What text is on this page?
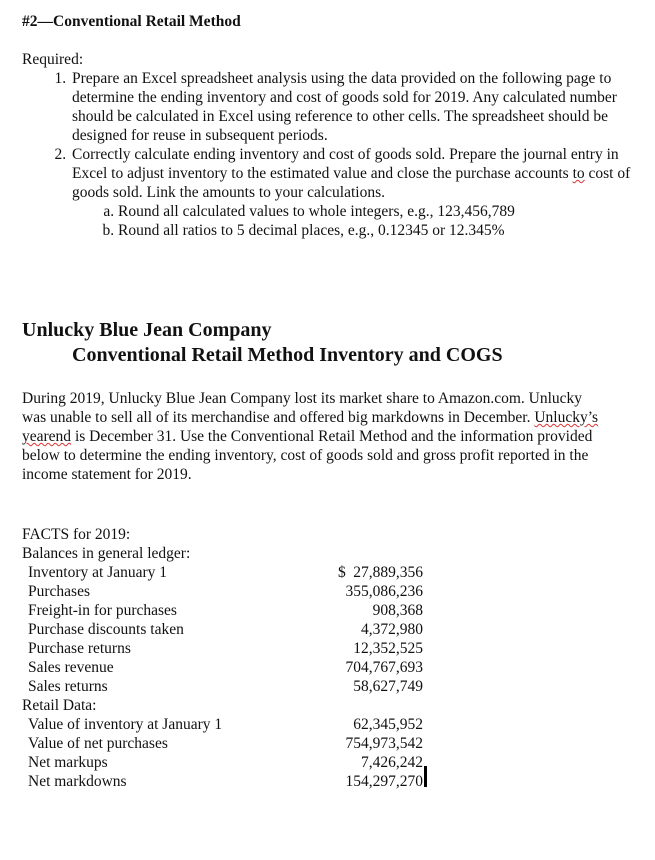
#2—Conventional Retail Method
Required:
1. Prepare an Excel spreadsheet analysis using the data provided on the following page to determine the ending inventory and cost of goods sold for 2019. Any calculated number should be calculated in Excel using reference to other cells. The spreadsheet should be designed for reuse in subsequent periods.
2. Correctly calculate ending inventory and cost of goods sold. Prepare the journal entry in Excel to adjust inventory to the estimated value and close the purchase accounts to cost of goods sold. Link the amounts to your calculations.
a. Round all calculated values to whole integers, e.g., 123,456,789
b. Round all ratios to 5 decimal places, e.g., 0.12345 or 12.345%
Unlucky Blue Jean Company
Conventional Retail Method Inventory and COGS
During 2019, Unlucky Blue Jean Company lost its market share to Amazon.com. Unlucky was unable to sell all of its merchandise and offered big markdowns in December. Unlucky’s yearend is December 31. Use the Conventional Retail Method and the information provided below to determine the ending inventory, cost of goods sold and gross profit reported in the income statement for 2019.
FACTS for 2019:
Balances in general ledger:
Inventory at January 1	$ 27,889,356
Purchases	355,086,236
Freight-in for purchases	908,368
Purchase discounts taken	4,372,980
Purchase returns	12,352,525
Sales revenue	704,767,693
Sales returns	58,627,749
Retail Data:
Value of inventory at January 1	62,345,952
Value of net purchases	754,973,542
Net markups	7,426,242
Net markdowns	154,297,270
